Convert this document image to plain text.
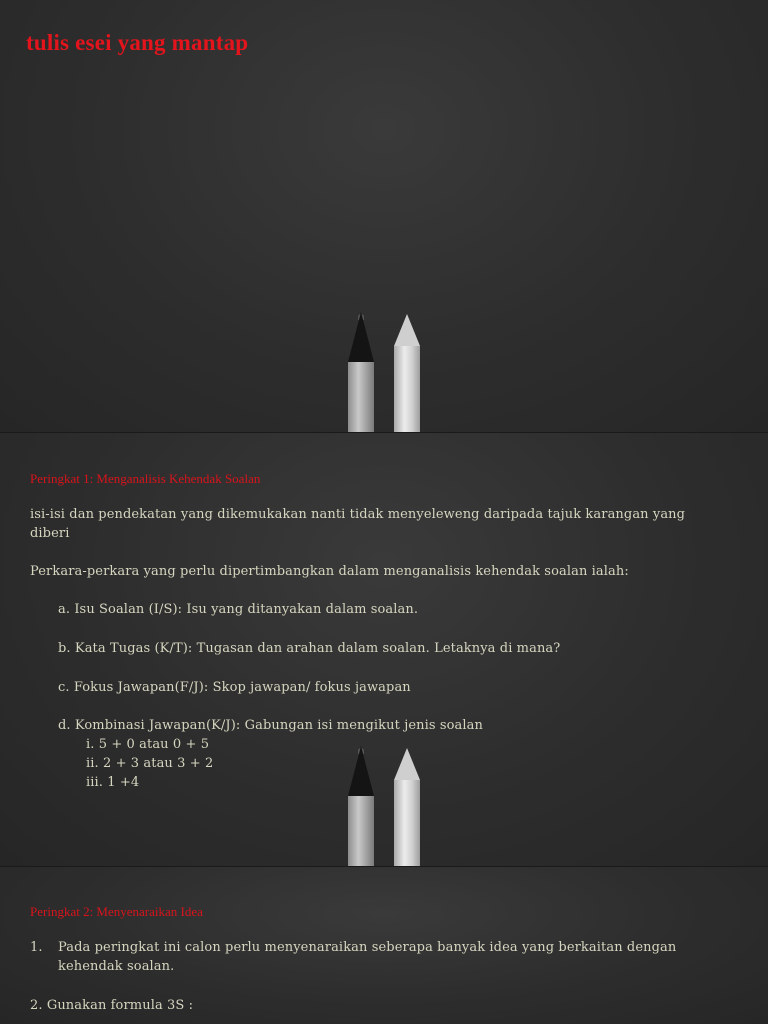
tulis esei yang mantap
Peringkat 1: Menganalisis Kehendak Soalan
isi-isi dan pendekatan yang dikemukakan nanti tidak menyeleweng daripada tajuk karangan yang
diberi
Perkara-perkara yang perlu dipertimbangkan dalam menganalisis kehendak soalan ialah:
a. Isu Soalan (I/S): Isu yang ditanyakan dalam soalan.
b. Kata Tugas (K/T): Tugasan dan arahan dalam soalan. Letaknya di mana?
c. Fokus Jawapan(F/J): Skop jawapan/ fokus jawapan
d. Kombinasi Jawapan(K/J): Gabungan isi mengikut jenis soalan
i. 5 + 0 atau 0 + 5
ii. 2 + 3 atau 3 + 2
iii. 1 +4
Peringkat 2: Menyenaraikan Idea
1. Pada peringkat ini calon perlu menyenaraikan seberapa banyak idea yang berkaitan dengan
kehendak soalan.
2. Gunakan formula 3S :
